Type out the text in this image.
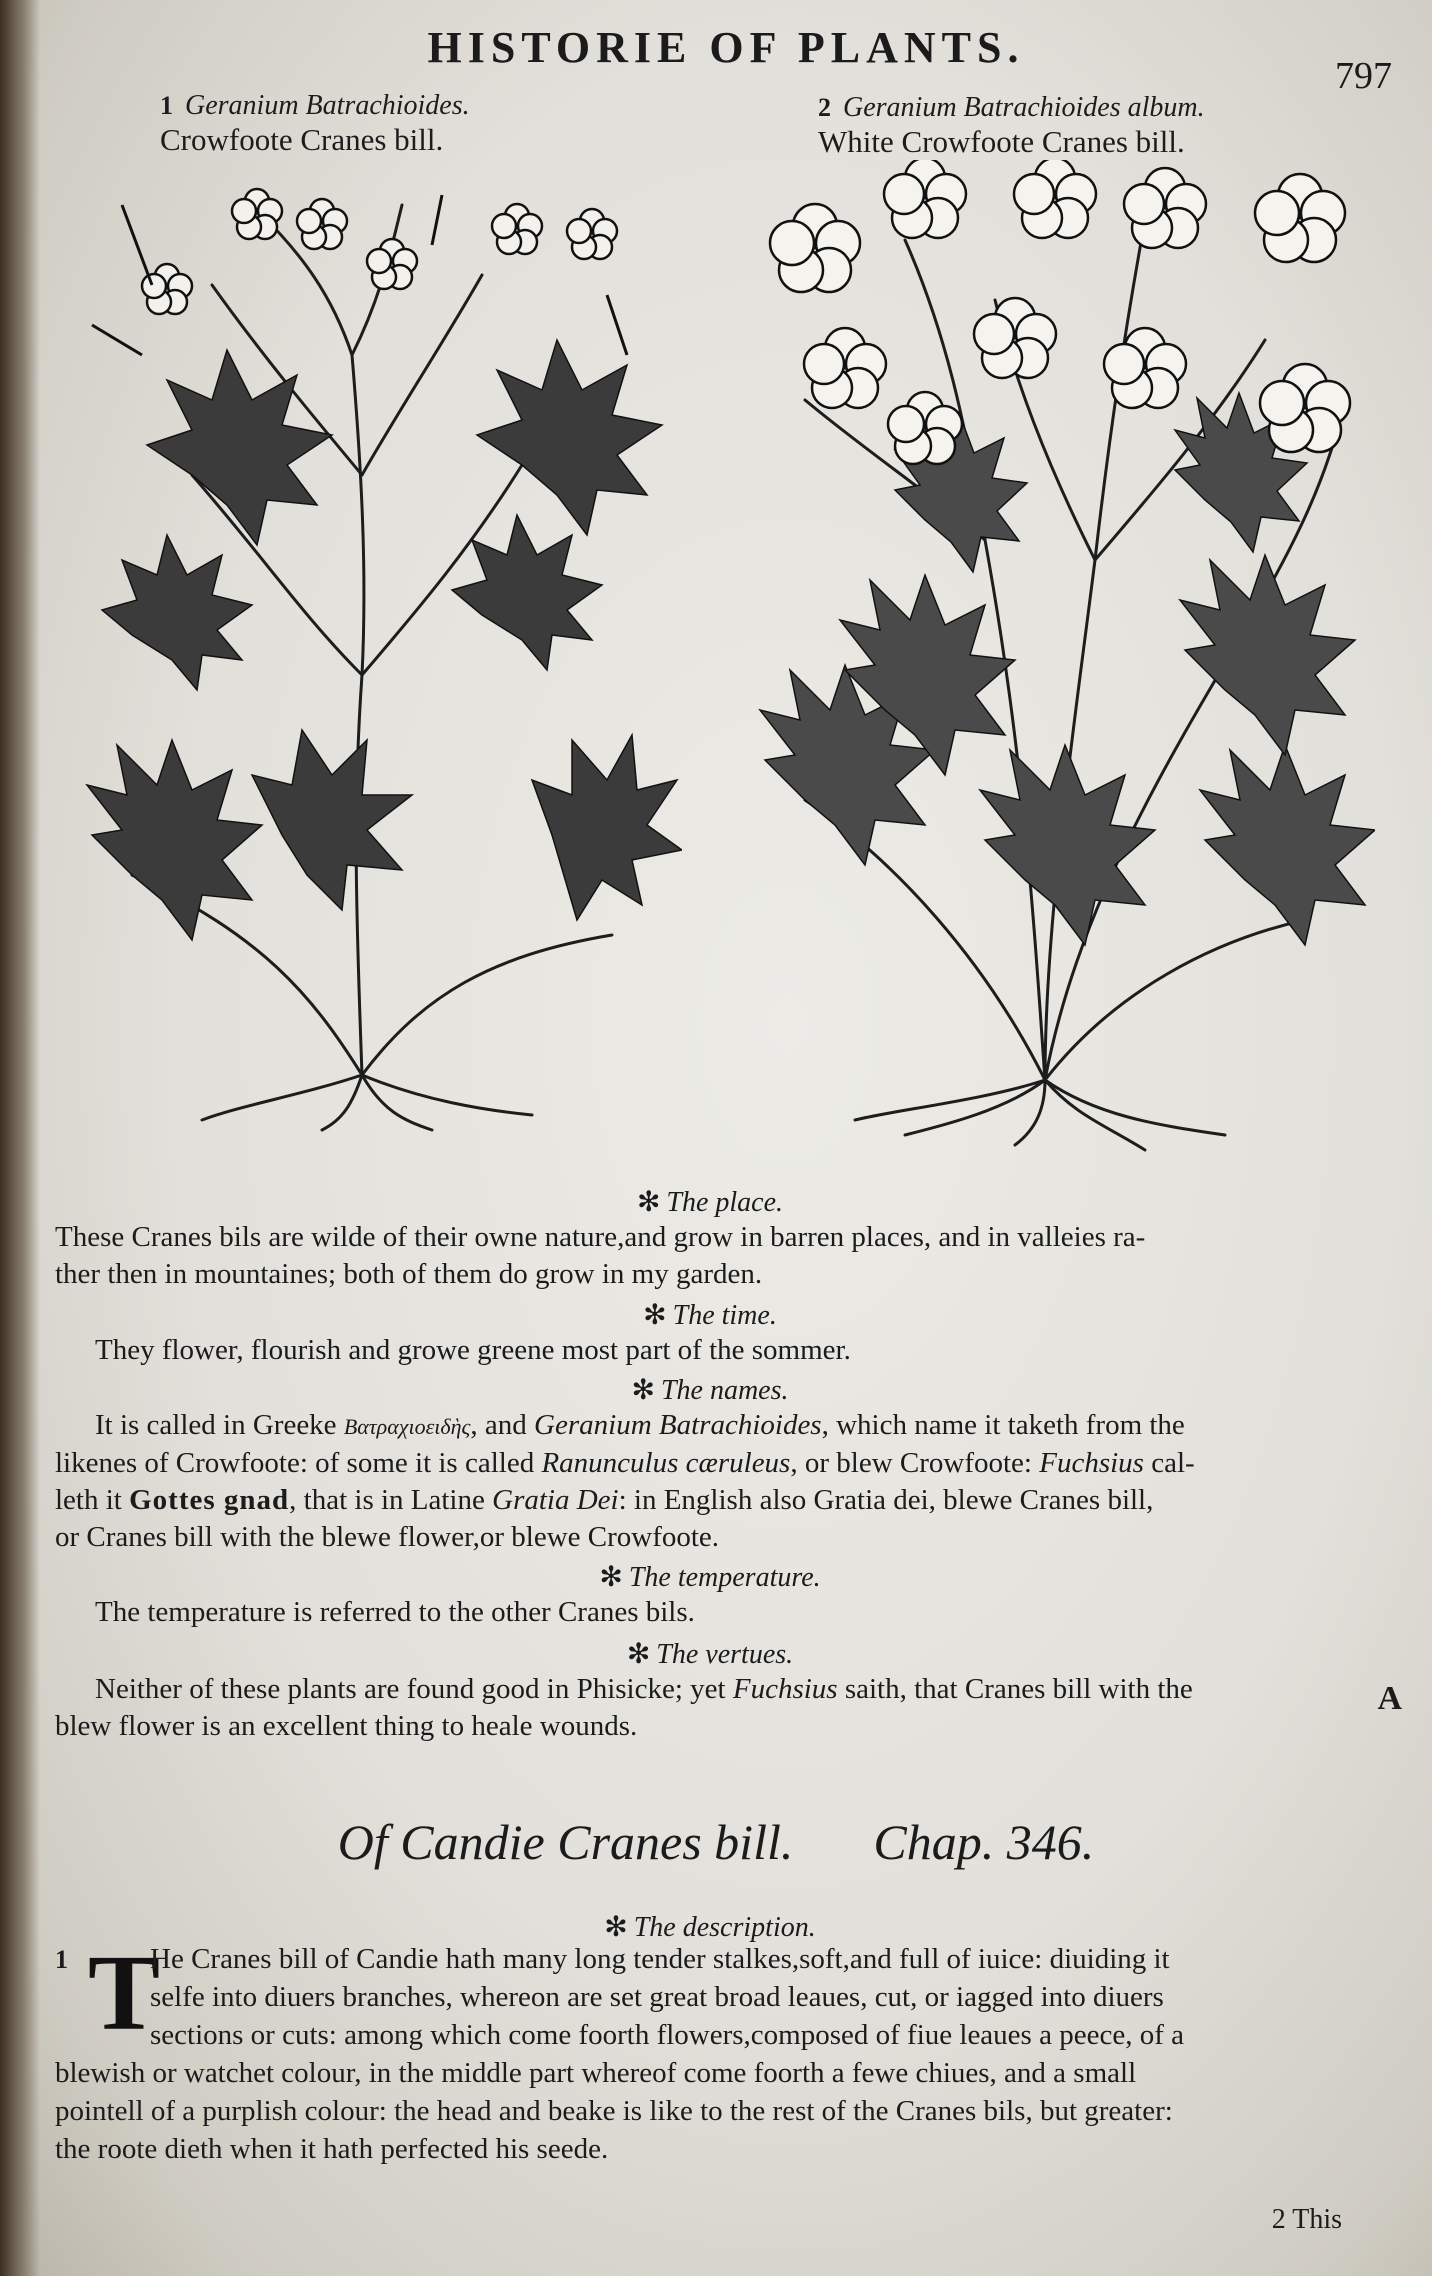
HISTORIE OF PLANTS.
797
1 Geranium Batrachioides.
Crowfoote Cranes bill.
2 Geranium Batrachioides album.
White Crowfoote Cranes bill.

✻ The place.

These Cranes bils are wilde of their owne nature,and grow in barren places, and in valleies ra-

ther then in mountaines; both of them do grow in my garden.

✻ The time.

They flower, flourish and growe greene most part of the sommer.

✻ The names.

It is called in Greeke Βατραχιοειδὴς, and Geranium Batrachioides, which name it taketh from the

likenes of Crowfoote: of some it is called Ranunculus cæruleus, or blew Crowfoote: Fuchsius cal-

leth it Gottes gnad, that is in Latine Gratia Dei: in English also Gratia dei, blewe Cranes bill,

or Cranes bill with the blewe flower,or blewe Crowfoote.

✻ The temperature.

The temperature is referred to the other Cranes bils.

✻ The vertues.

Neither of these plants are found good in Phisicke; yet Fuchsius saith, that Cranes bill with the

blew flower is an excellent thing to heale wounds.

A
Of Candie Cranes bill. Chap. 346.

✻ The description.

1 T
He Cranes bill of Candie hath many long tender stalkes,soft,and full of iuice: diuiding it
selfe into diuers branches, whereon are set great broad leaues, cut, or iagged into diuers
sections or cuts: among which come foorth flowers,composed of fiue leaues a peece, of a
blewish or watchet colour, in the middle part whereof come foorth a fewe chiues, and a small
pointell of a purplish colour: the head and beake is like to the rest of the Cranes bils, but greater:
the roote dieth when it hath perfected his seede.
2 This
